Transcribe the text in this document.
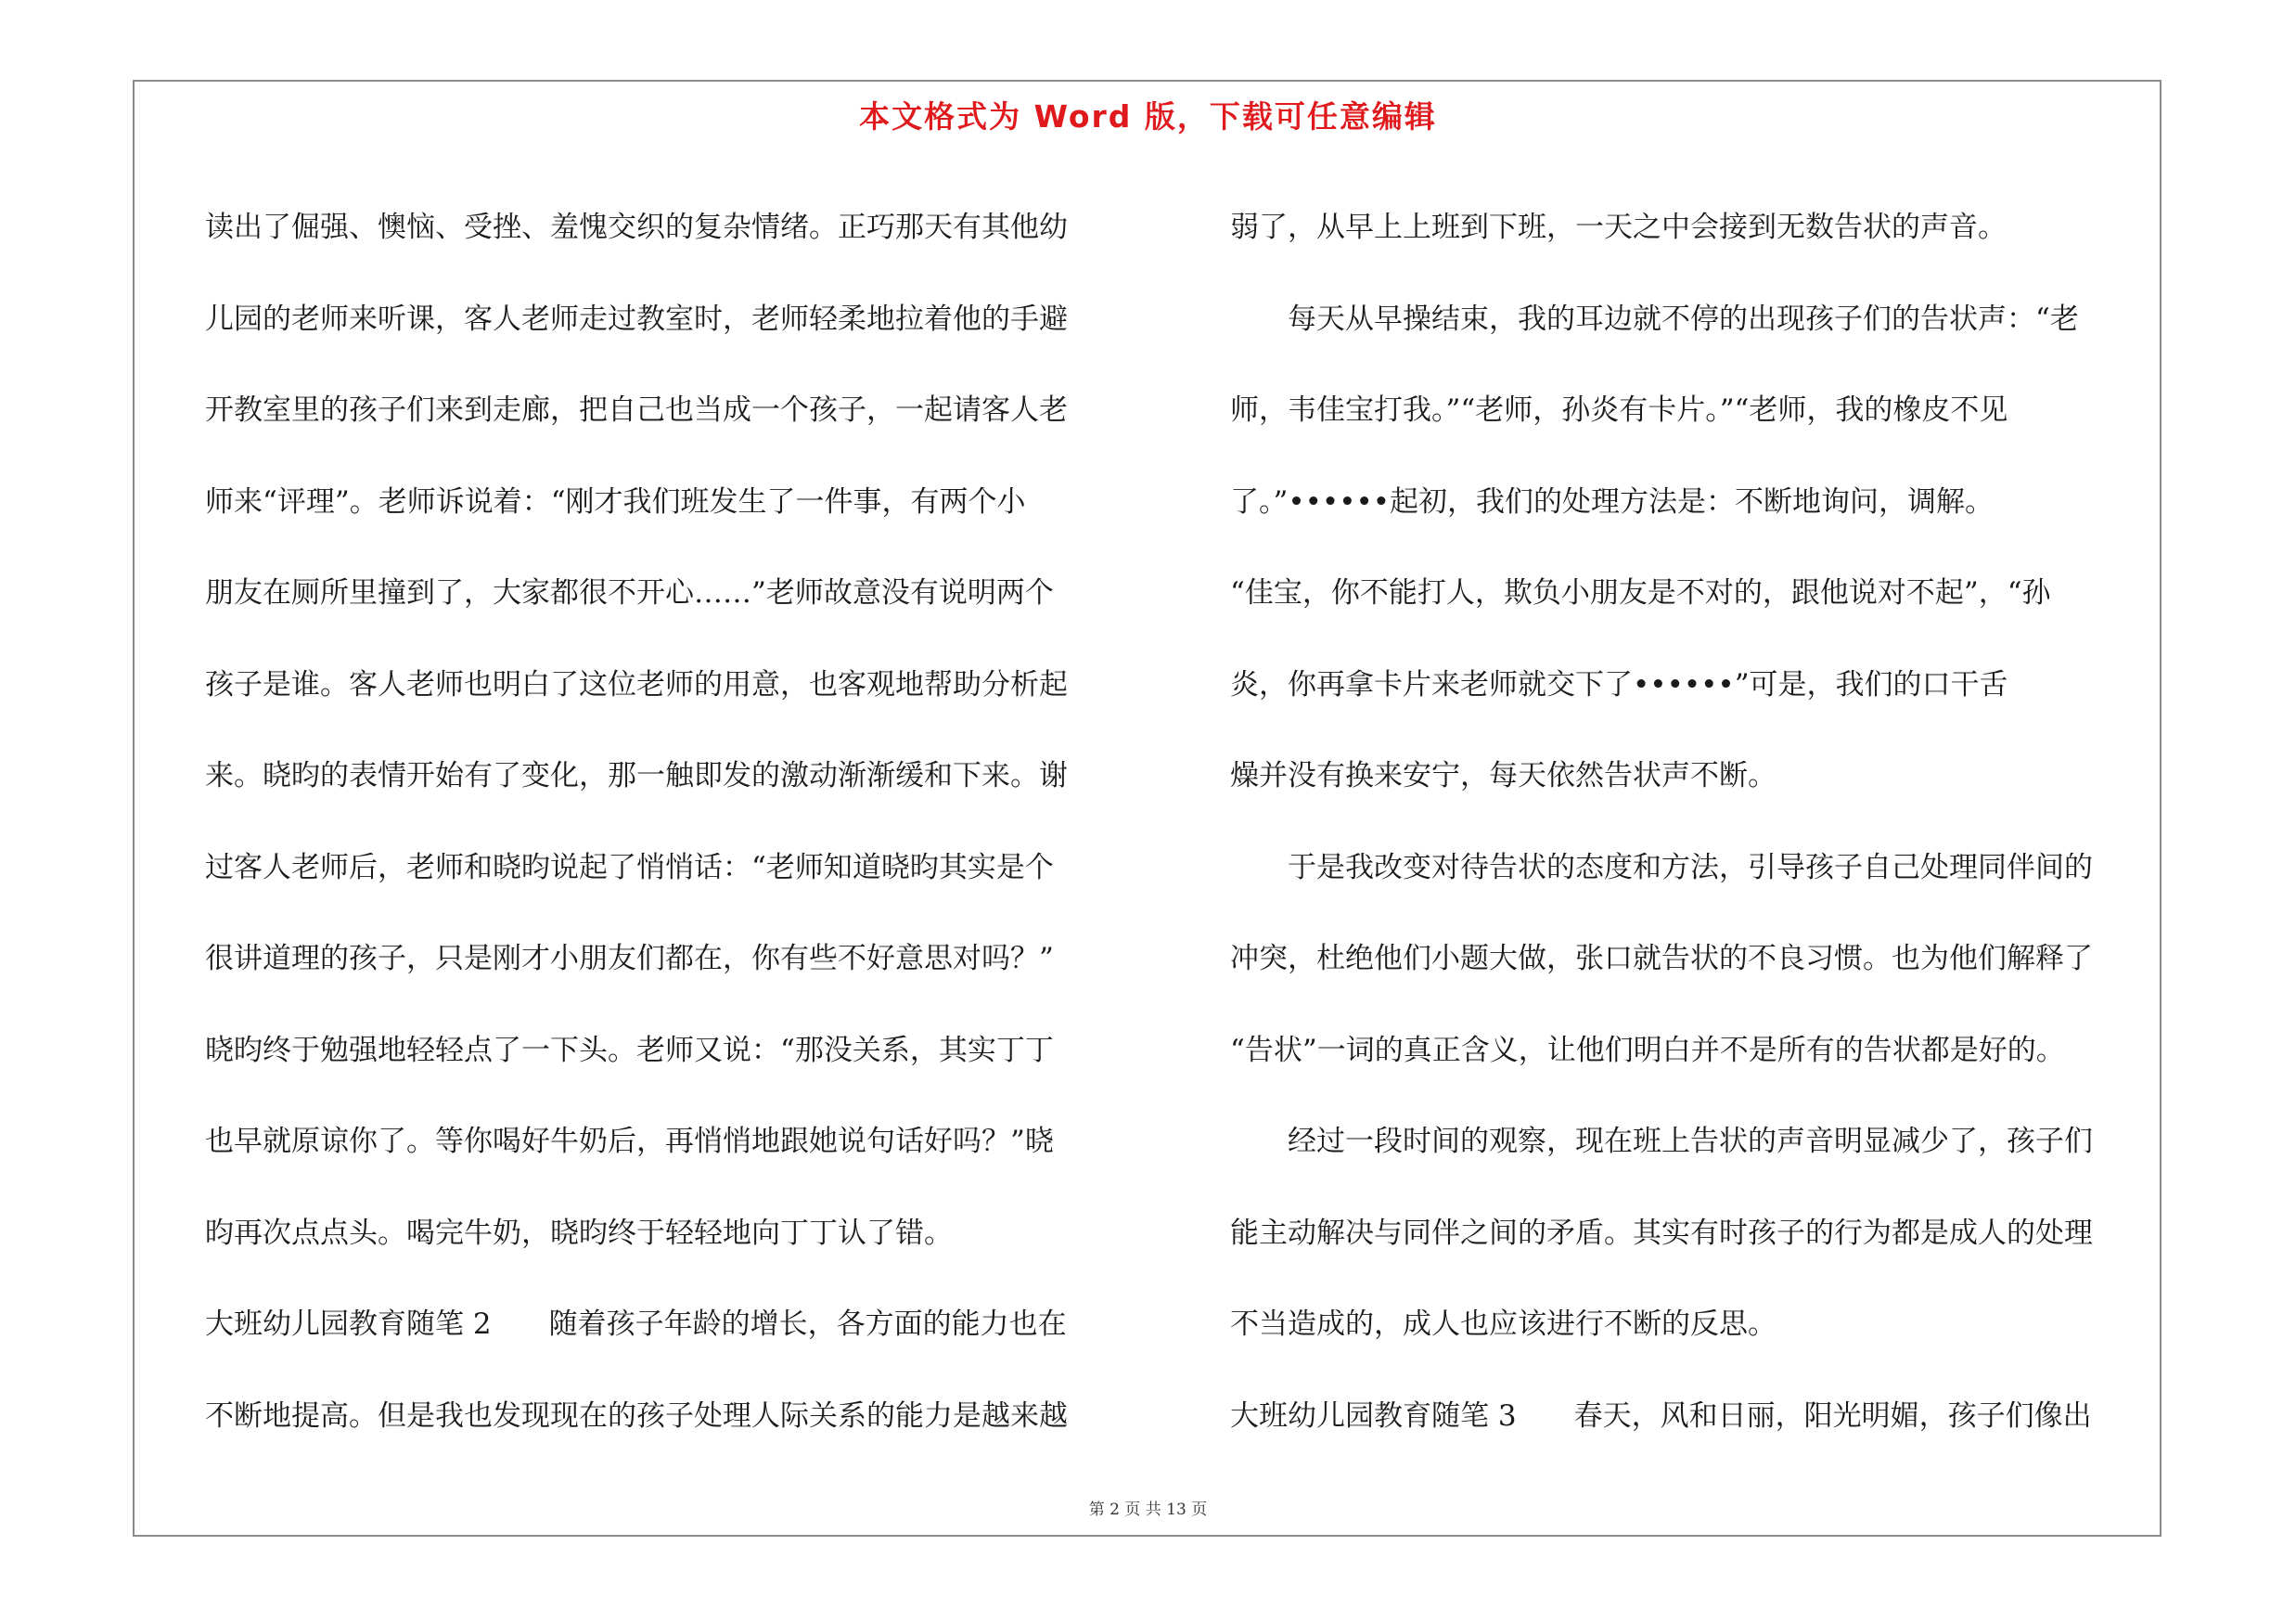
本文格式为 Word 版，下载可任意编辑
读出了倔强、懊恼、受挫、羞愧交织的复杂情绪。正巧那天有其他幼
儿园的老师来听课，客人老师走过教室时，老师轻柔地拉着他的手避
开教室里的孩子们来到走廊，把自己也当成一个孩子，一起请客人老
师来“评理”。老师诉说着：“刚才我们班发生了一件事，有两个小
朋友在厕所里撞到了，大家都很不开心……”老师故意没有说明两个
孩子是谁。客人老师也明白了这位老师的用意，也客观地帮助分析起
来。晓昀的表情开始有了变化，那一触即发的激动渐渐缓和下来。谢
过客人老师后，老师和晓昀说起了悄悄话：“老师知道晓昀其实是个
很讲道理的孩子，只是刚才小朋友们都在，你有些不好意思对吗？”
晓昀终于勉强地轻轻点了一下头。老师又说：“那没关系，其实丁丁
也早就原谅你了。等你喝好牛奶后，再悄悄地跟她说句话好吗？”晓
昀再次点点头。喝完牛奶，晓昀终于轻轻地向丁丁认了错。
大班幼儿园教育随笔 2　　随着孩子年龄的增长，各方面的能力也在
不断地提高。但是我也发现现在的孩子处理人际关系的能力是越来越
弱了，从早上上班到下班，一天之中会接到无数告状的声音。
　　每天从早操结束，我的耳边就不停的出现孩子们的告状声：“老
师，韦佳宝打我。”“老师，孙炎有卡片。”“老师，我的橡皮不见
了。”••••••起初，我们的处理方法是：不断地询问，调解。
“佳宝，你不能打人，欺负小朋友是不对的，跟他说对不起”，“孙
炎，你再拿卡片来老师就交下了••••••”可是，我们的口干舌
燥并没有换来安宁，每天依然告状声不断。
　　于是我改变对待告状的态度和方法，引导孩子自己处理同伴间的
冲突，杜绝他们小题大做，张口就告状的不良习惯。也为他们解释了
“告状”一词的真正含义，让他们明白并不是所有的告状都是好的。
　　经过一段时间的观察，现在班上告状的声音明显减少了，孩子们
能主动解决与同伴之间的矛盾。其实有时孩子的行为都是成人的处理
不当造成的，成人也应该进行不断的反思。
大班幼儿园教育随笔 3　　春天，风和日丽，阳光明媚，孩子们像出
第 2 页 共 13 页
